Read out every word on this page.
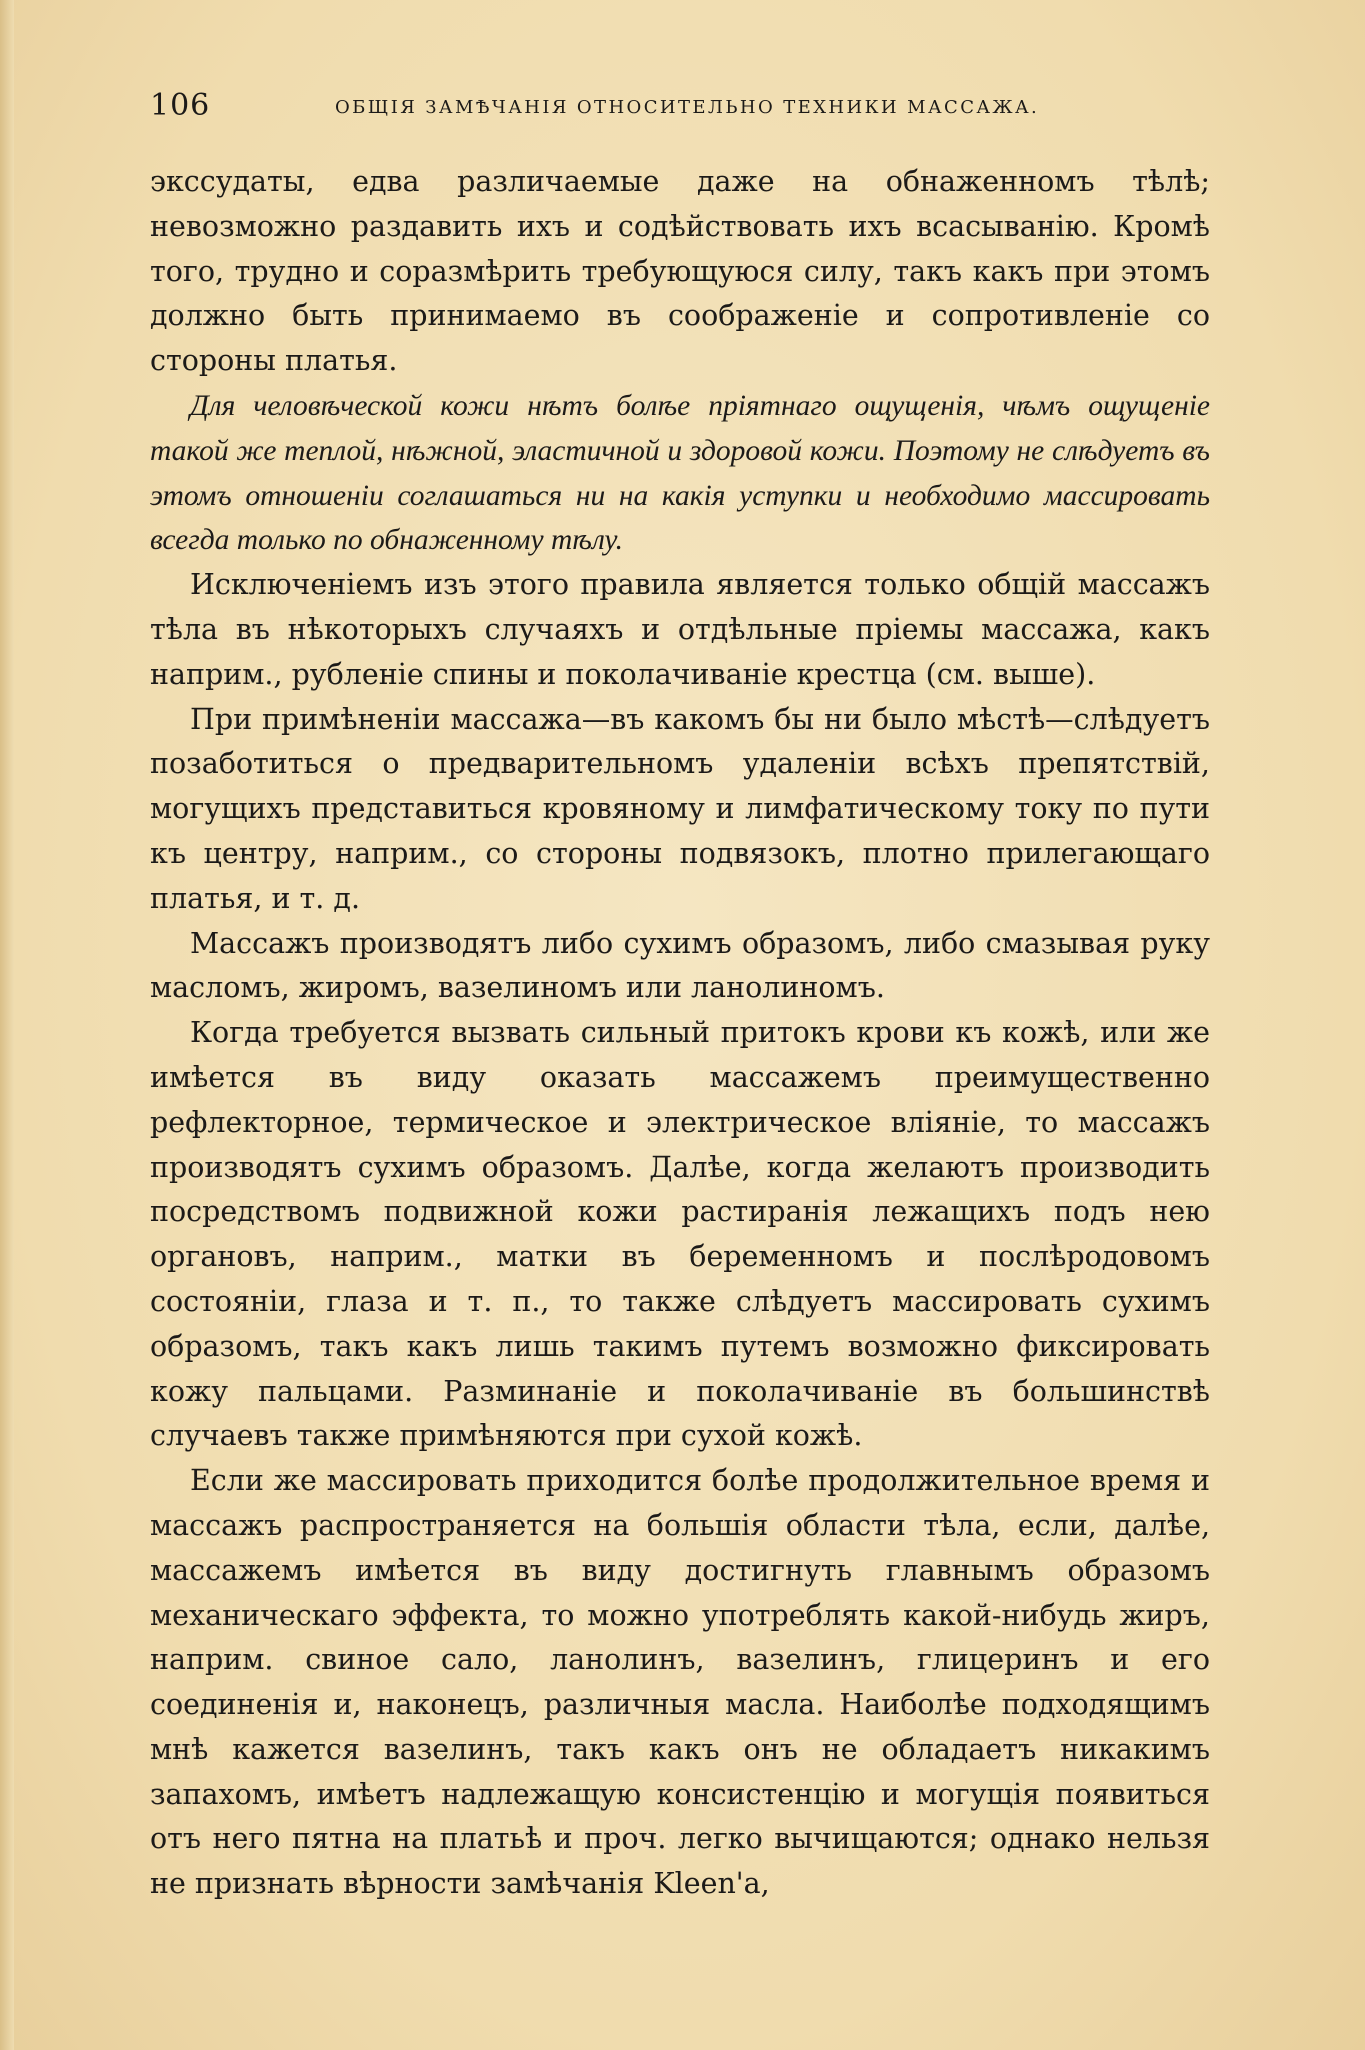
106	ОБЩІЯ ЗАМѢЧАНІЯ ОТНОСИТЕЛЬНО ТЕХНИКИ МАССАЖА.

экссудаты, едва различаемые даже на обнаженномъ тѣлѣ; невозможно раздавить ихъ и содѣйствовать ихъ всасыванію. Кромѣ того, трудно и соразмѣрить требующуюся силу, такъ какъ при этомъ должно быть принимаемо въ соображеніе и сопротивленіе со стороны платья.

Для человѣческой кожи нѣтъ болѣе пріятнаго ощущенія, чѣмъ ощущеніе такой же теплой, нѣжной, эластичной и здоровой кожи. Поэтому не слѣдуетъ въ этомъ отношеніи соглашаться ни на какія уступки и необходимо массировать всегда только по обнаженному тѣлу.

Исключеніемъ изъ этого правила является только общій массажъ тѣла въ нѣкоторыхъ случаяхъ и отдѣльные пріемы массажа, какъ наприм., рубленіе спины и поколачиваніе крестца (см. выше).

При примѣненіи массажа—въ какомъ бы ни было мѣстѣ—слѣдуетъ позаботиться о предварительномъ удаленіи всѣхъ препятствій, могущихъ представиться кровяному и лимфатическому току по пути къ центру, наприм., со стороны подвязокъ, плотно прилегающаго платья, и т. д.

Массажъ производятъ либо сухимъ образомъ, либо смазывая руку масломъ, жиромъ, вазелиномъ или ланолиномъ.

Когда требуется вызвать сильный притокъ крови къ кожѣ, или же имѣется въ виду оказать массажемъ преимущественно рефлекторное, термическое и электрическое вліяніе, то массажъ производятъ сухимъ образомъ. Далѣе, когда желаютъ производить посредствомъ подвижной кожи растиранія лежащихъ подъ нею органовъ, наприм., матки въ беременномъ и послѣродовомъ состояніи, глаза и т. п., то также слѣдуетъ массировать сухимъ образомъ, такъ какъ лишь такимъ путемъ возможно фиксировать кожу пальцами. Разминаніе и поколачиваніе въ большинствѣ случаевъ также примѣняются при сухой кожѣ.

Если же массировать приходится болѣе продолжительное время и массажъ распространяется на большія области тѣла, если, далѣе, массажемъ имѣется въ виду достигнуть главнымъ образомъ механическаго эффекта, то можно употреблять какой-нибудь жиръ, наприм. свиное сало, ланолинъ, вазелинъ, глицеринъ и его соединенія и, наконецъ, различныя масла. Наиболѣе подходящимъ мнѣ кажется вазелинъ, такъ какъ онъ не обладаетъ никакимъ запахомъ, имѣетъ надлежащую консистенцію и могущія появиться отъ него пятна на платьѣ и проч. легко вычищаются; однако нельзя не признать вѣрности замѣчанія Kleen'а,
